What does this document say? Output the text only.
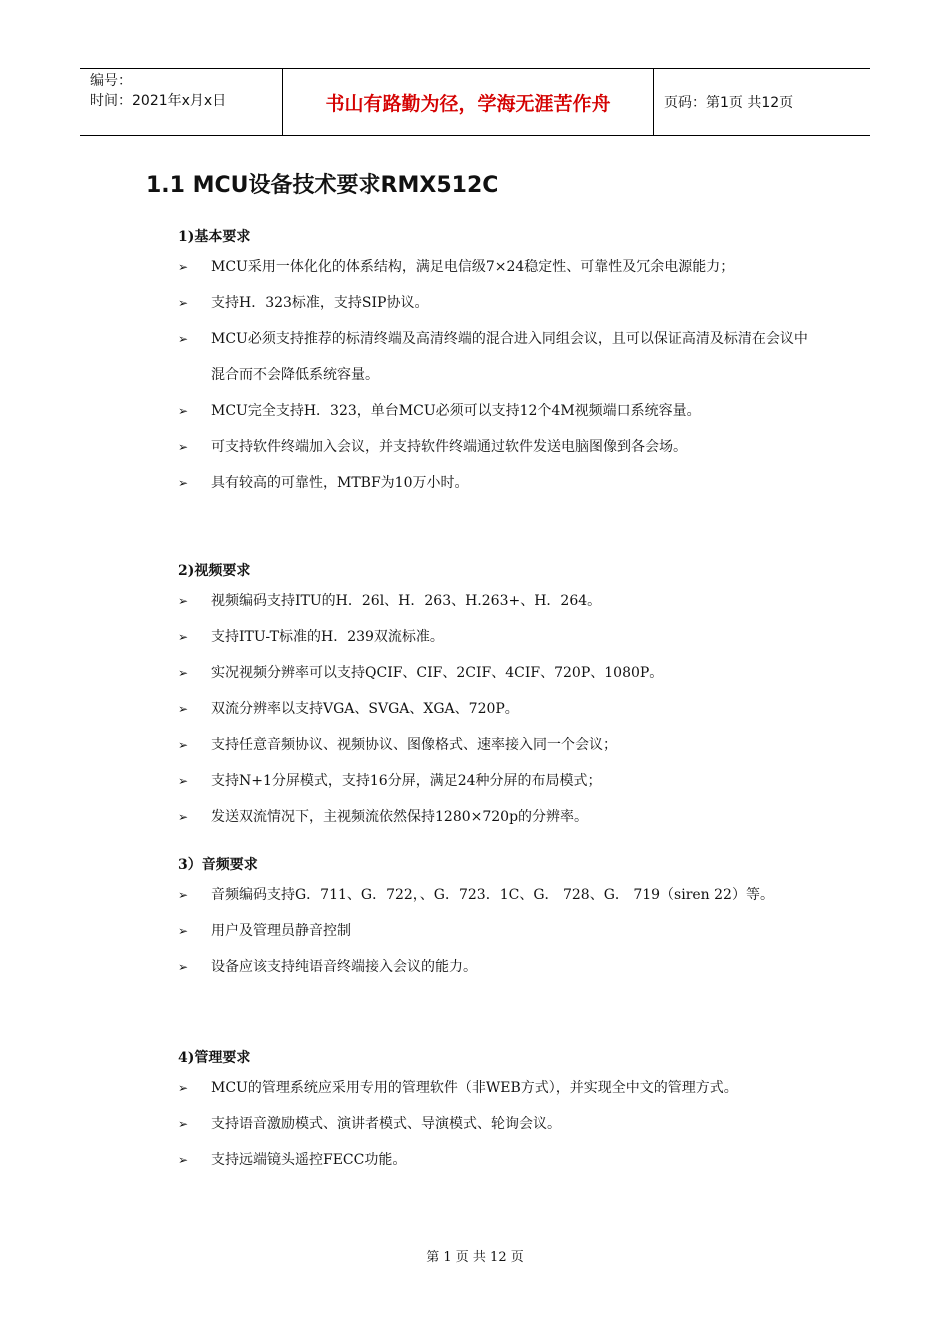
编号：
时间：2021年x月x日	书山有路勤为径，学海无涯苦作舟	页码：第1页 共12页
1.1 MCU设备技术要求RMX512C
1)基本要求
➢ MCU采用一体化化的体系结构，满足电信级7×24稳定性、可靠性及冗余电源能力；
➢ 支持H．323标准，支持SIP协议。
➢ MCU必须支持推荐的标清终端及高清终端的混合进入同组会议，且可以保证高清及标清在会议中混合而不会降低系统容量。
➢ MCU完全支持H．323，单台MCU必须可以支持12个4M视频端口系统容量。
➢ 可支持软件终端加入会议，并支持软件终端通过软件发送电脑图像到各会场。
➢ 具有较高的可靠性，MTBF为10万小时。
2)视频要求
➢ 视频编码支持ITU的H．26l、H．263、H.263+、H．264。
➢ 支持ITU-T标准的H．239双流标准。
➢ 实况视频分辨率可以支持QCIF、CIF、2CIF、4CIF、720P、1080P。
➢ 双流分辨率以支持VGA、SVGA、XGA、720P。
➢ 支持任意音频协议、视频协议、图像格式、速率接入同一个会议；
➢ 支持N+1分屏模式，支持16分屏，满足24种分屏的布局模式；
➢ 发送双流情况下，主视频流依然保持1280×720p的分辨率。
3）音频要求
➢ 音频编码支持G．711、G．722，、G．723．1C、G． 728、G． 719（siren 22）等。
➢ 用户及管理员静音控制
➢ 设备应该支持纯语音终端接入会议的能力。
4)管理要求
➢ MCU的管理系统应采用专用的管理软件（非WEB方式），并实现全中文的管理方式。
➢ 支持语音激励模式、演讲者模式、导演模式、轮询会议。
➢ 支持远端镜头遥控FECC功能。
第 1 页 共 12 页
